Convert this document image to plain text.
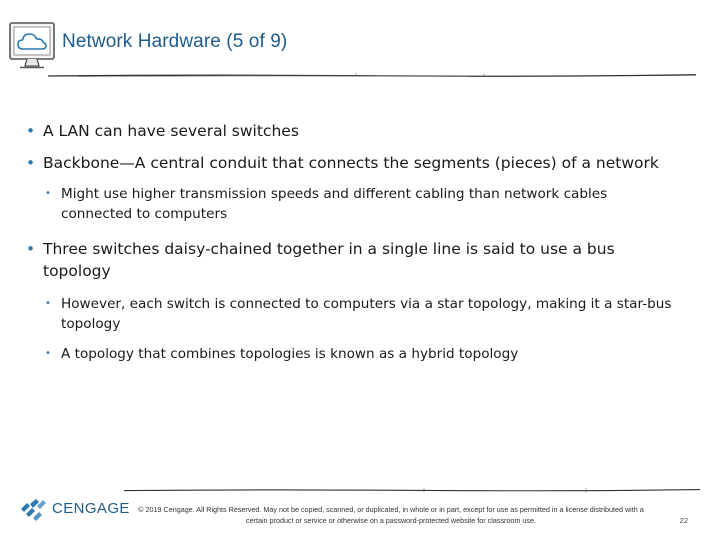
Network Hardware (5 of 9)
• A LAN can have several switches
• Backbone—A central conduit that connects the segments (pieces) of a network
• Might use higher transmission speeds and different cabling than network cables connected to computers
• Three switches daisy-chained together in a single line is said to use a bus topology
• However, each switch is connected to computers via a star topology, making it a star-bus topology
• A topology that combines topologies is known as a hybrid topology
CENGAGE	© 2019 Cengage. All Rights Reserved. May not be copied, scanned, or duplicated, in whole or in part, except for use as permitted in a license distributed with a certain product or service or otherwise on a password-protected website for classroom use.	22
